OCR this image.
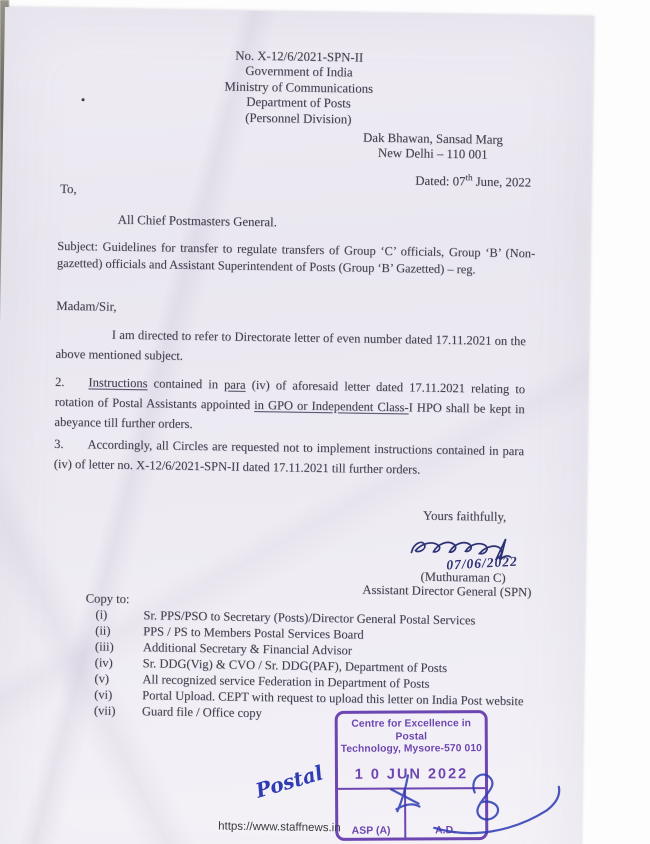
No. X-12/6/2021-SPN-II
Government of India
Ministry of Communications
Department of Posts
(Personnel Division)
Dak Bhawan, Sansad Marg
New Delhi – 110 001
Dated: 07th June, 2022
To,
All Chief Postmasters General.
Subject: Guidelines for transfer to regulate transfers of Group ‘C’ officials, Group ‘B’ (Non-gazetted) officials and Assistant Superintendent of Posts (Group ‘B’ Gazetted) – reg.
Madam/Sir,

I am directed to refer to Directorate letter of even number dated 17.11.2021 on the above mentioned subject.

2. Instructions contained in para (iv) of aforesaid letter dated 17.11.2021 relating to rotation of Postal Assistants appointed in GPO or Independent Class-I HPO shall be kept in abeyance till further orders.

3. Accordingly, all Circles are requested not to implement instructions contained in para (iv) of letter no. X-12/6/2021-SPN-II dated 17.11.2021 till further orders.

Yours faithfully,
07/06/2022
(Muthuraman C)
Assistant Director General (SPN)
Copy to:
(i)	Sr. PPS/PSO to Secretary (Posts)/Director General Postal Services
(ii)	PPS / PS to Members Postal Services Board
(iii)	Additional Secretary & Financial Advisor
(iv)	Sr. DDG(Vig) & CVO / Sr. DDG(PAF), Department of Posts
(v)	All recognized service Federation in Department of Posts
(vi)	Portal Upload. CEPT with request to upload this letter on India Post website
(vii)	Guard file / Office copy
Centre for Excellence in Postal
Technology, Mysore-570 010
1 0 JUN 2022
ASP (A)	A.D.
Postal
https://www.staffnews.in
